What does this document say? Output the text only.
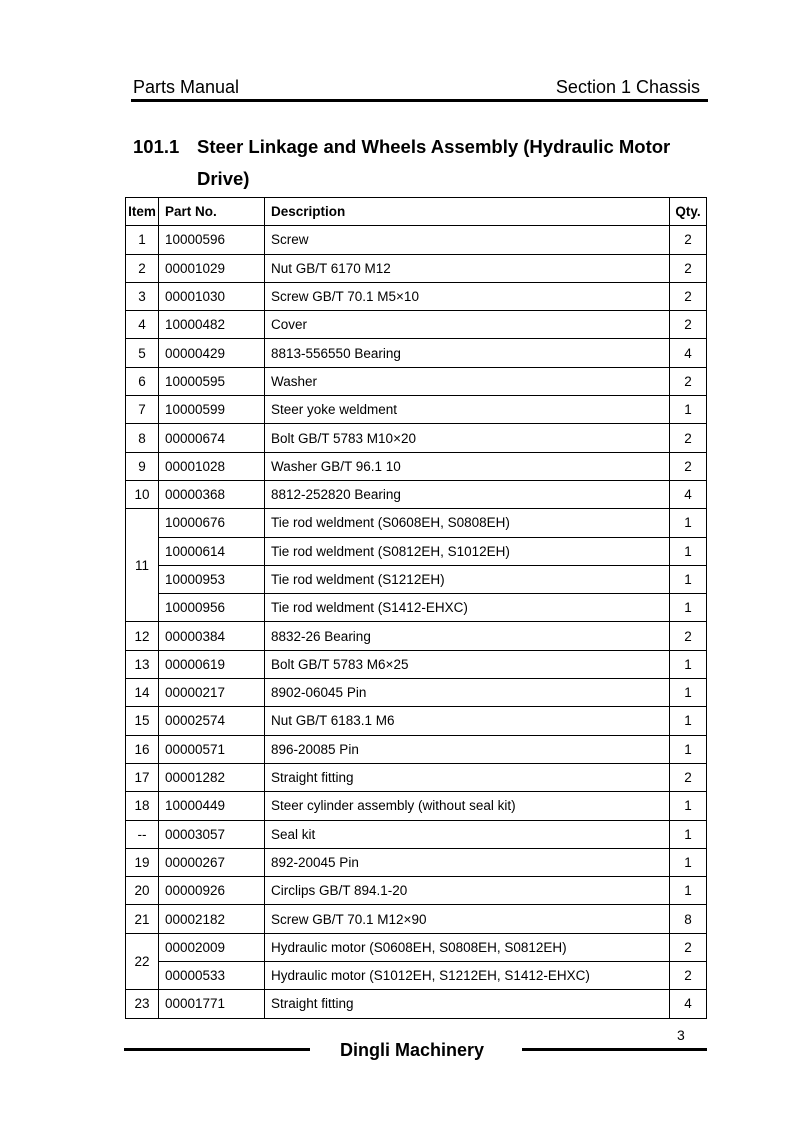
Parts Manual	Section 1 Chassis
101.1 Steer Linkage and Wheels Assembly (Hydraulic Motor
Drive)
Item	Part No.	Description	Qty.
1	10000596	Screw	2
2	00001029	Nut GB/T 6170 M12	2
3	00001030	Screw GB/T 70.1 M5×10	2
4	10000482	Cover	2
5	00000429	8813-556550 Bearing	4
6	10000595	Washer	2
7	10000599	Steer yoke weldment	1
8	00000674	Bolt GB/T 5783 M10×20	2
9	00001028	Washer GB/T 96.1 10	2
10	00000368	8812-252820 Bearing	4
11	10000676	Tie rod weldment (S0608EH, S0808EH)	1
	10000614	Tie rod weldment (S0812EH, S1012EH)	1
	10000953	Tie rod weldment (S1212EH)	1
	10000956	Tie rod weldment (S1412-EHXC)	1
12	00000384	8832-26 Bearing	2
13	00000619	Bolt GB/T 5783 M6×25	1
14	00000217	8902-06045 Pin	1
15	00002574	Nut GB/T 6183.1 M6	1
16	00000571	896-20085 Pin	1
17	00001282	Straight fitting	2
18	10000449	Steer cylinder assembly (without seal kit)	1
--	00003057	Seal kit	1
19	00000267	892-20045 Pin	1
20	00000926	Circlips GB/T 894.1-20	1
21	00002182	Screw GB/T 70.1 M12×90	8
22	00002009	Hydraulic motor (S0608EH, S0808EH, S0812EH)	2
	00000533	Hydraulic motor (S1012EH, S1212EH, S1412-EHXC)	2
23	00001771	Straight fitting	4
3
Dingli Machinery
